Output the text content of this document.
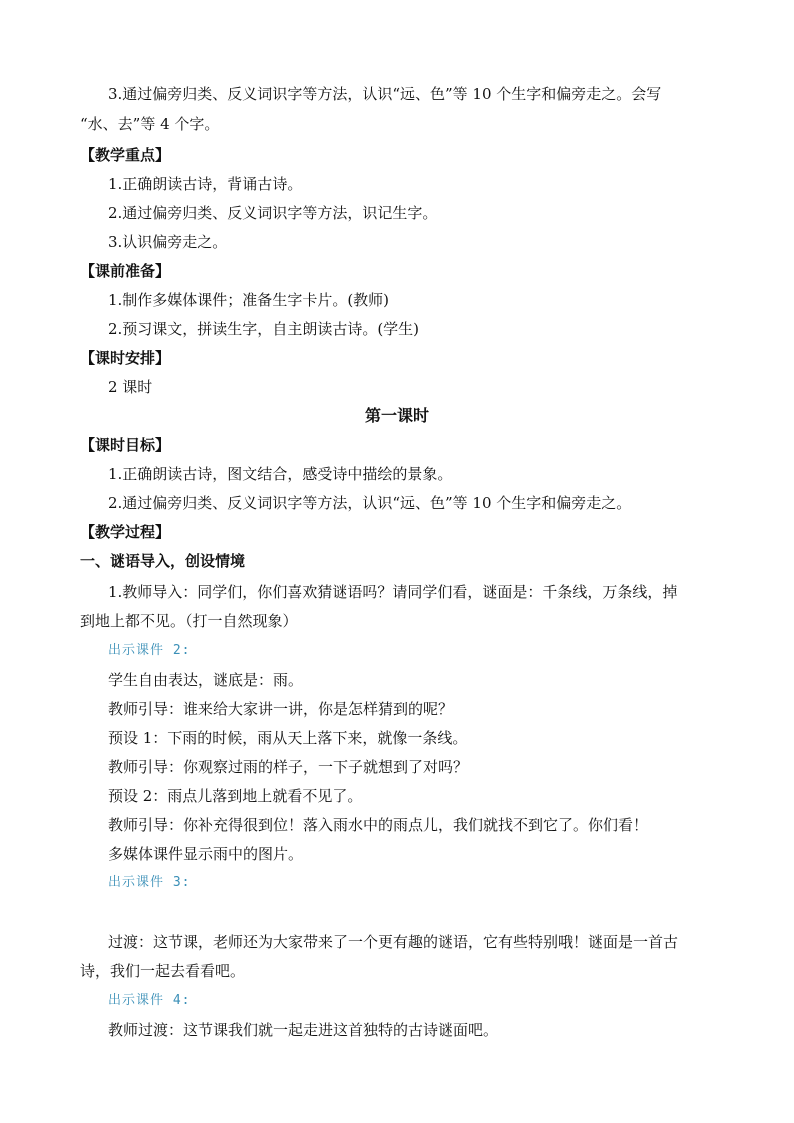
3.通过偏旁归类、反义词识字等方法，认识“远、色”等 10 个生字和偏旁走之。会写
“水、去”等 4 个字。
【教学重点】
1.正确朗读古诗，背诵古诗。
2.通过偏旁归类、反义词识字等方法，识记生字。
3.认识偏旁走之。
【课前准备】
1.制作多媒体课件；准备生字卡片。(教师)
2.预习课文，拼读生字，自主朗读古诗。(学生)
【课时安排】
2 课时
第一课时
【课时目标】
1.正确朗读古诗，图文结合，感受诗中描绘的景象。
2.通过偏旁归类、反义词识字等方法，认识“远、色”等 10 个生字和偏旁走之。
【教学过程】
一、谜语导入，创设情境
1.教师导入：同学们，你们喜欢猜谜语吗？请同学们看，谜面是：千条线，万条线，掉
到地上都不见。（打一自然现象）
出示课件 2:
学生自由表达，谜底是：雨。
教师引导：谁来给大家讲一讲，你是怎样猜到的呢？
预设 1：下雨的时候，雨从天上落下来，就像一条线。
教师引导：你观察过雨的样子，一下子就想到了对吗？
预设 2：雨点儿落到地上就看不见了。
教师引导：你补充得很到位！落入雨水中的雨点儿，我们就找不到它了。你们看！
多媒体课件显示雨中的图片。
出示课件 3:
过渡：这节课，老师还为大家带来了一个更有趣的谜语，它有些特别哦！谜面是一首古
诗，我们一起去看看吧。
出示课件 4:
教师过渡：这节课我们就一起走进这首独特的古诗谜面吧。
